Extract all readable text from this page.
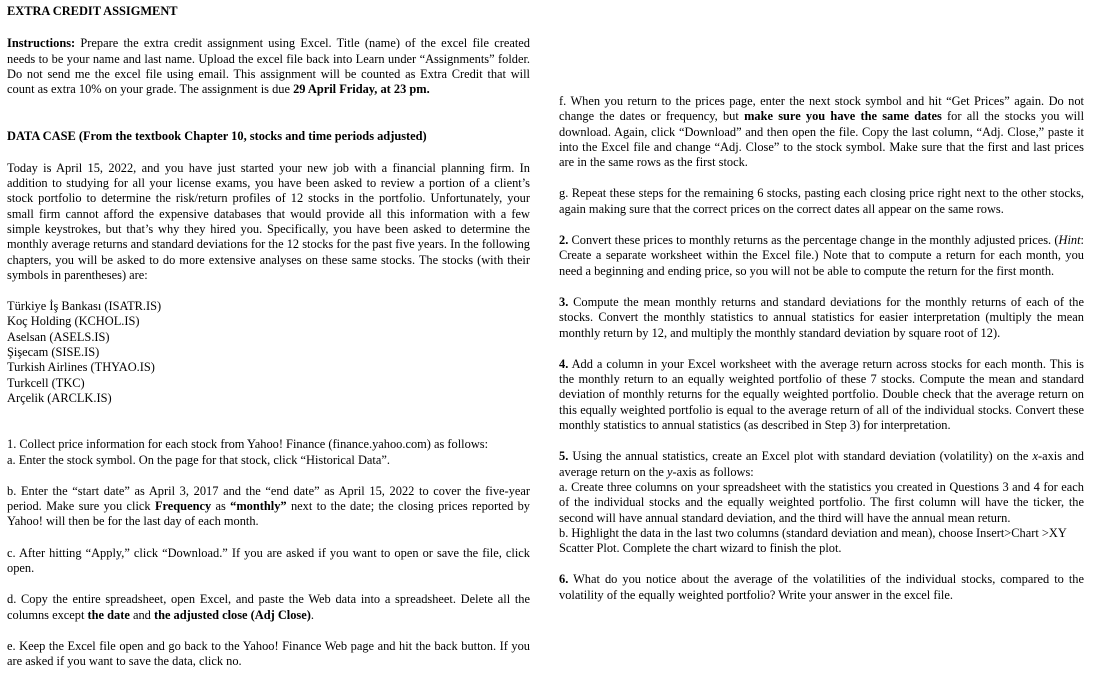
EXTRA CREDIT ASSIGMENT

Instructions: Prepare the extra credit assignment using Excel. Title (name) of the excel file created needs to be your name and last name. Upload the excel file back into Learn under “Assignments” folder. Do not send me the excel file using email. This assignment will be counted as Extra Credit that will count as extra 10% on your grade. The assignment is due 29 April Friday, at 23 pm.

DATA CASE (From the textbook Chapter 10, stocks and time periods adjusted)

Today is April 15, 2022, and you have just started your new job with a financial planning firm. In addition to studying for all your license exams, you have been asked to review a portion of a client’s stock portfolio to determine the risk/return profiles of 12 stocks in the portfolio. Unfortunately, your small firm cannot afford the expensive databases that would provide all this information with a few simple keystrokes, but that’s why they hired you. Specifically, you have been asked to determine the monthly average returns and standard deviations for the 12 stocks for the past five years. In the following chapters, you will be asked to do more extensive analyses on these same stocks. The stocks (with their symbols in parentheses) are:

Türkiye İş Bankası (ISATR.IS)
Koç Holding (KCHOL.IS)
Aselsan (ASELS.IS)
Şişecam (SISE.IS)
Turkish Airlines (THYAO.IS)
Turkcell (TKC)
Arçelik (ARCLK.IS)
1. Collect price information for each stock from Yahoo! Finance (finance.yahoo.com) as follows:
a. Enter the stock symbol. On the page for that stock, click “Historical Data”.

b. Enter the “start date” as April 3, 2017 and the “end date” as April 15, 2022 to cover the five-year period. Make sure you click Frequency as “monthly” next to the date; the closing prices reported by Yahoo! will then be for the last day of each month.

c. After hitting “Apply,” click “Download.” If you are asked if you want to open or save the file, click open.

d. Copy the entire spreadsheet, open Excel, and paste the Web data into a spreadsheet. Delete all the columns except the date and the adjusted close (Adj Close).

e. Keep the Excel file open and go back to the Yahoo! Finance Web page and hit the back button. If you are asked if you want to save the data, click no.

f. When you return to the prices page, enter the next stock symbol and hit “Get Prices” again. Do not change the dates or frequency, but make sure you have the same dates for all the stocks you will download. Again, click “Download” and then open the file. Copy the last column, “Adj. Close,” paste it into the Excel file and change “Adj. Close” to the stock symbol. Make sure that the first and last prices are in the same rows as the first stock.

g. Repeat these steps for the remaining 6 stocks, pasting each closing price right next to the other stocks, again making sure that the correct prices on the correct dates all appear on the same rows.

2. Convert these prices to monthly returns as the percentage change in the monthly adjusted prices. (Hint: Create a separate worksheet within the Excel file.) Note that to compute a return for each month, you need a beginning and ending price, so you will not be able to compute the return for the first month.

3. Compute the mean monthly returns and standard deviations for the monthly returns of each of the stocks. Convert the monthly statistics to annual statistics for easier interpretation (multiply the mean monthly return by 12, and multiply the monthly standard deviation by square root of 12).

4. Add a column in your Excel worksheet with the average return across stocks for each month. This is the monthly return to an equally weighted portfolio of these 7 stocks. Compute the mean and standard deviation of monthly returns for the equally weighted portfolio. Double check that the average return on this equally weighted portfolio is equal to the average return of all of the individual stocks. Convert these monthly statistics to annual statistics (as described in Step 3) for interpretation.

5. Using the annual statistics, create an Excel plot with standard deviation (volatility) on the x-axis and average return on the y-axis as follows:

a. Create three columns on your spreadsheet with the statistics you created in Questions 3 and 4 for each of the individual stocks and the equally weighted portfolio. The first column will have the ticker, the second will have annual standard deviation, and the third will have the annual mean return.

b. Highlight the data in the last two columns (standard deviation and mean), choose Insert>Chart >XY Scatter Plot. Complete the chart wizard to finish the plot.

6. What do you notice about the average of the volatilities of the individual stocks, compared to the volatility of the equally weighted portfolio? Write your answer in the excel file.
